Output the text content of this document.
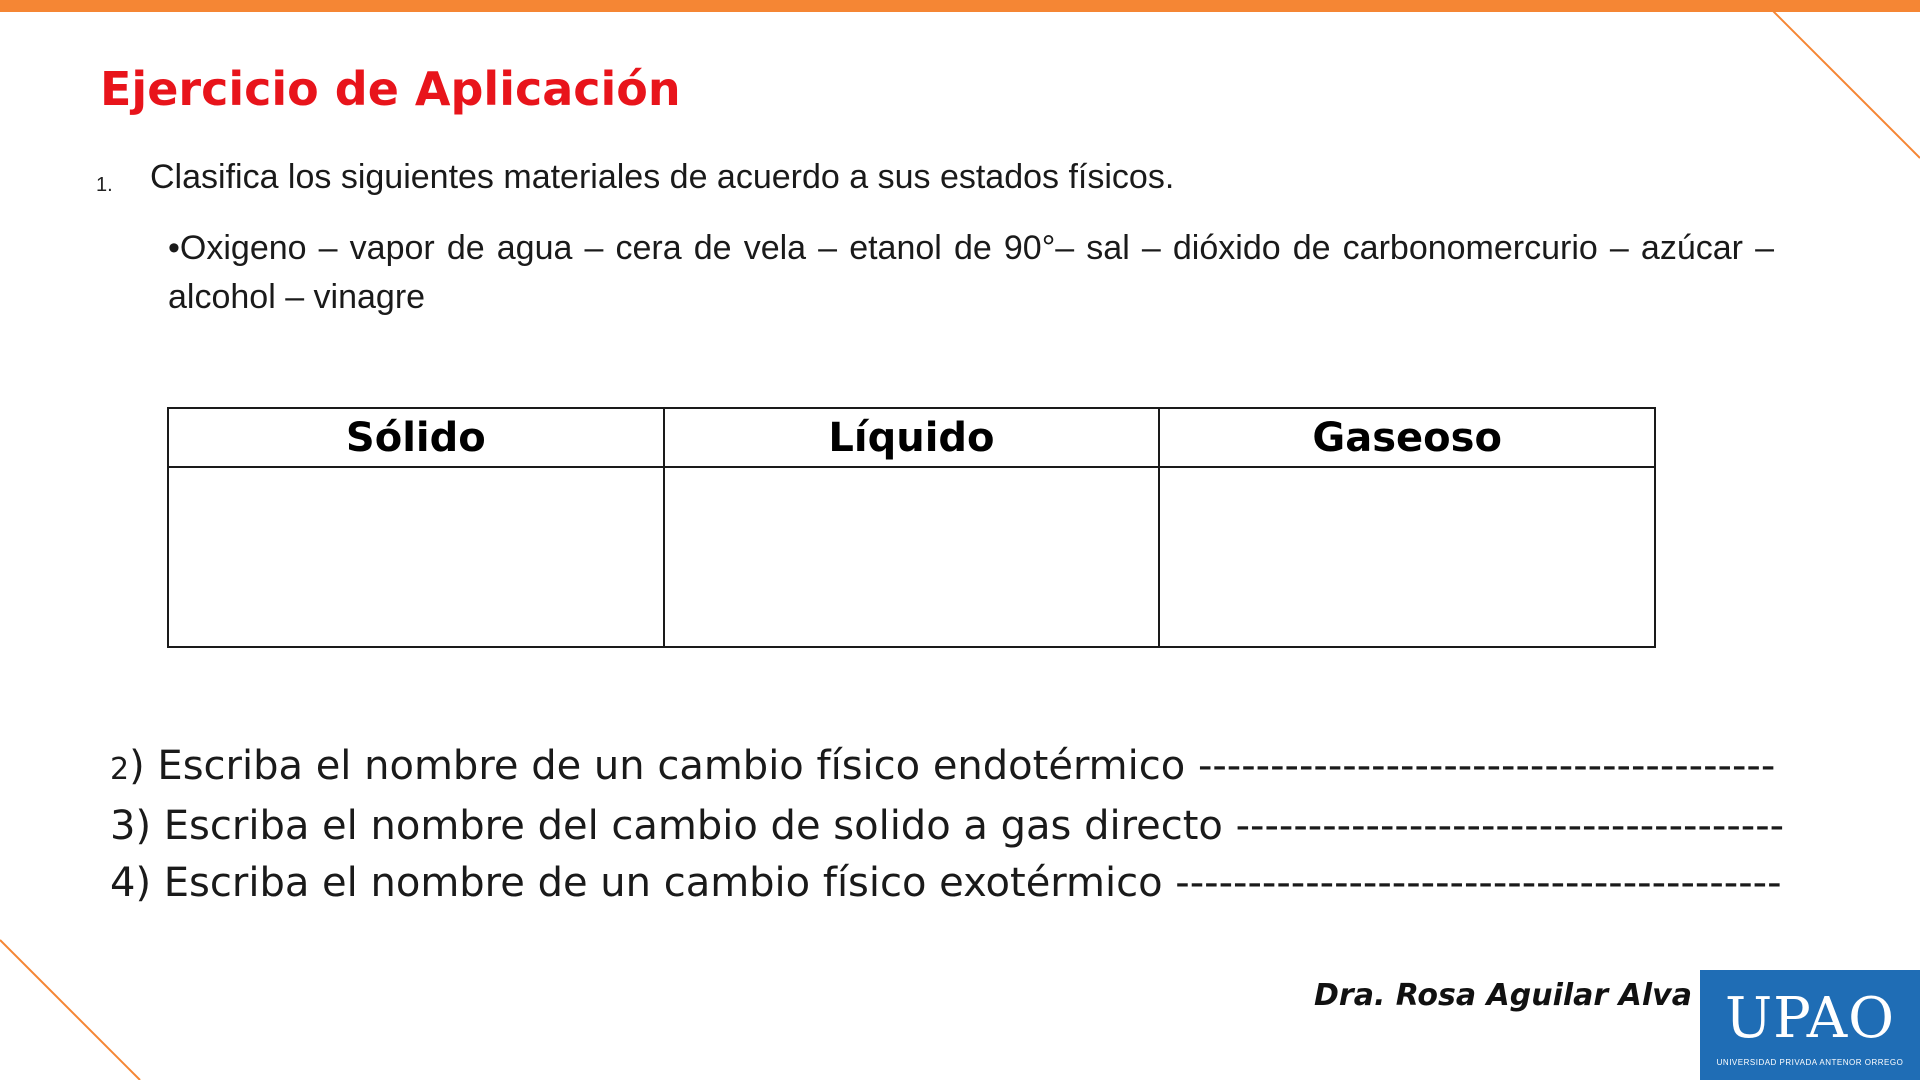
Ejercicio de Aplicación
1. Clasifica los siguientes materiales de acuerdo a sus estados físicos.
•Oxigeno – vapor de agua – cera de vela – etanol de 90°– sal – dióxido de carbonomercurio – azúcar – alcohol – vinagre
Sólido	Líquido	Gaseoso

2) Escriba el nombre de un cambio físico endotérmico ----------------------------------------
3) Escriba el nombre del cambio de solido a gas directo --------------------------------------
4) Escriba el nombre de un cambio físico exotérmico ------------------------------------------
Dra. Rosa Aguilar Alva UPAO
UNIVERSIDAD PRIVADA ANTENOR ORREGO
